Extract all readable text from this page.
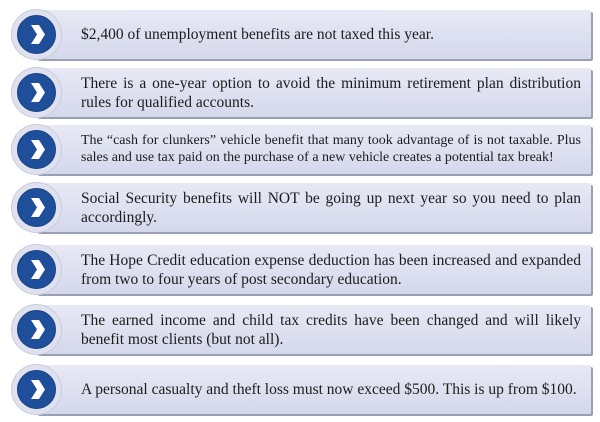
$2,400 of unemployment benefits are not taxed this year.
There is a one-year option to avoid the minimum retirement plan distribution rules for qualified accounts.
The “cash for clunkers” vehicle benefit that many took advantage of is not taxable. Plus sales and use tax paid on the purchase of a new vehicle creates a potential tax break!
Social Security benefits will NOT be going up next year so you need to plan accordingly.
The Hope Credit education expense deduction has been increased and expanded from two to four years of post secondary education.
The earned income and child tax credits have been changed and will likely benefit most clients (but not all).
A personal casualty and theft loss must now exceed $500. This is up from $100.
